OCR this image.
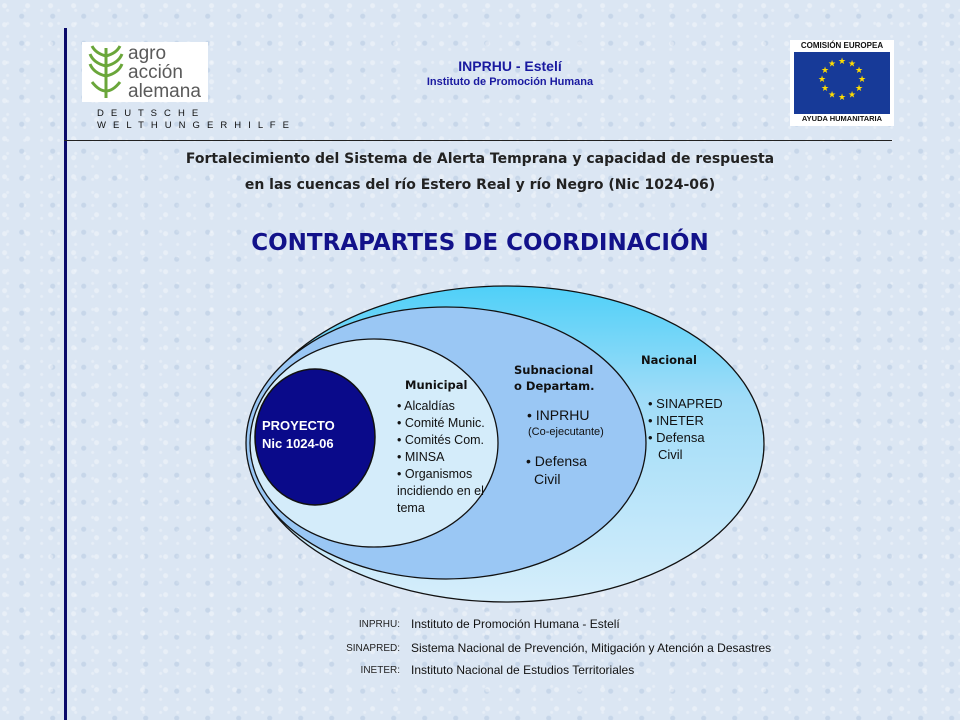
agro
acción
alemana
D E U T S C H E
W E L T H U N G E R H I L F E
INPRHU - Estelí
Instituto de Promoción Humana
COMISIÓN EUROPEA
★ ★
★
★
★
★
★
★
★
★
★
★
AYUDA HUMANITARIA
Fortalecimiento del Sistema de Alerta Temprana y capacidad de respuesta
en las cuencas del río Estero Real y río Negro (Nic 1024-06)
CONTRAPARTES DE COORDINACIÓN
PROYECTO
Nic 1024-06
Municipal
• Alcaldías
• Comité Munic.
• Comités Com.
• MINSA
• Organismos
incidiendo en el
tema
Subnacional
o Departam.
• INPRHU
(Co-ejecutante)
• Defensa
Civil
Nacional
• SINAPRED
• INETER
• Defensa
Civil
INPRHU: Instituto de Promoción Humana - Estelí
SINAPRED: Sistema Nacional de Prevención, Mitigación y Atención a Desastres
INETER: Instituto Nacional de Estudios Territoriales
